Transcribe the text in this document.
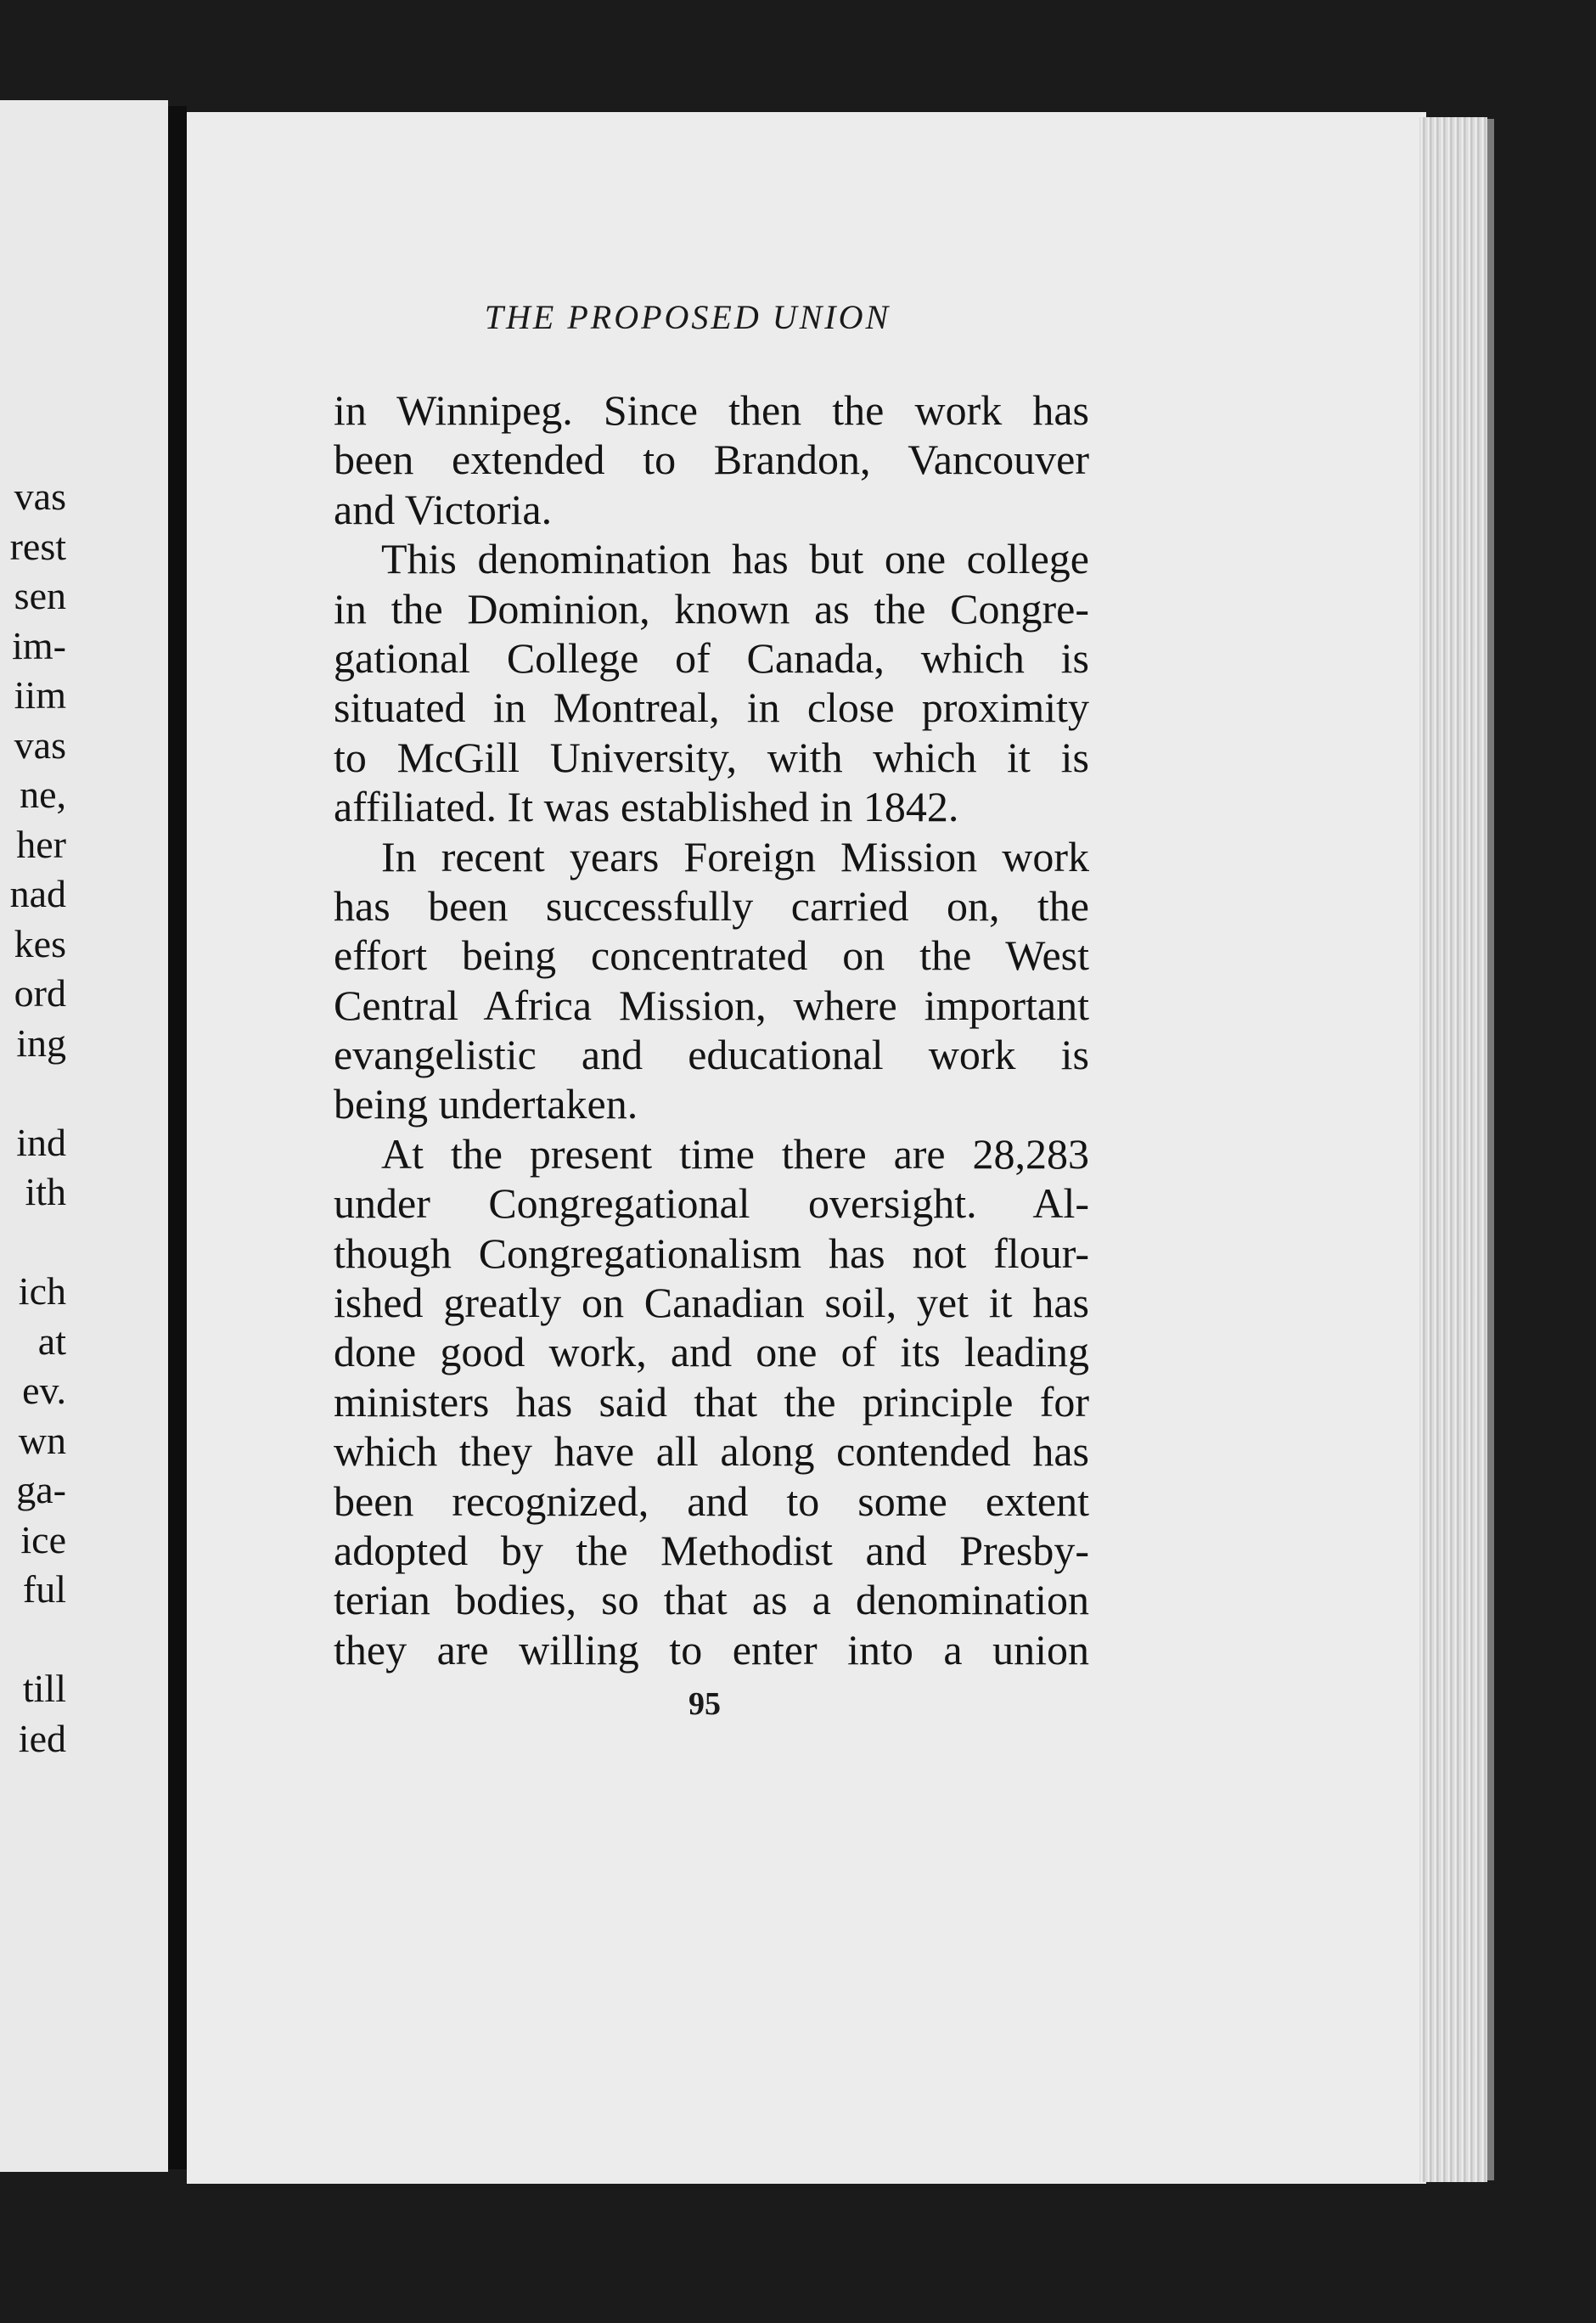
vas
rest
sen
im-
iim
vas
ne,
her
nad
kes
ord
ing
ind
ith
ich
at
ev.
wn
ga-
ice
ful
till
ied
THE PROPOSED UNION
in Winnipeg. Since then the work has
been extended to Brandon, Vancouver
and Victoria.
This denomination has but one college
in the Dominion, known as the Congre-
gational College of Canada, which is
situated in Montreal, in close proximity
to McGill University, with which it is
affiliated. It was established in 1842.
In recent years Foreign Mission work
has been successfully carried on, the
effort being concentrated on the West
Central Africa Mission, where important
evangelistic and educational work is
being undertaken.
At the present time there are 28,283
under Congregational oversight. Al-
though Congregationalism has not flour-
ished greatly on Canadian soil, yet it has
done good work, and one of its leading
ministers has said that the principle for
which they have all along contended has
been recognized, and to some extent
adopted by the Methodist and Presby-
terian bodies, so that as a denomination
they are willing to enter into a union
95
